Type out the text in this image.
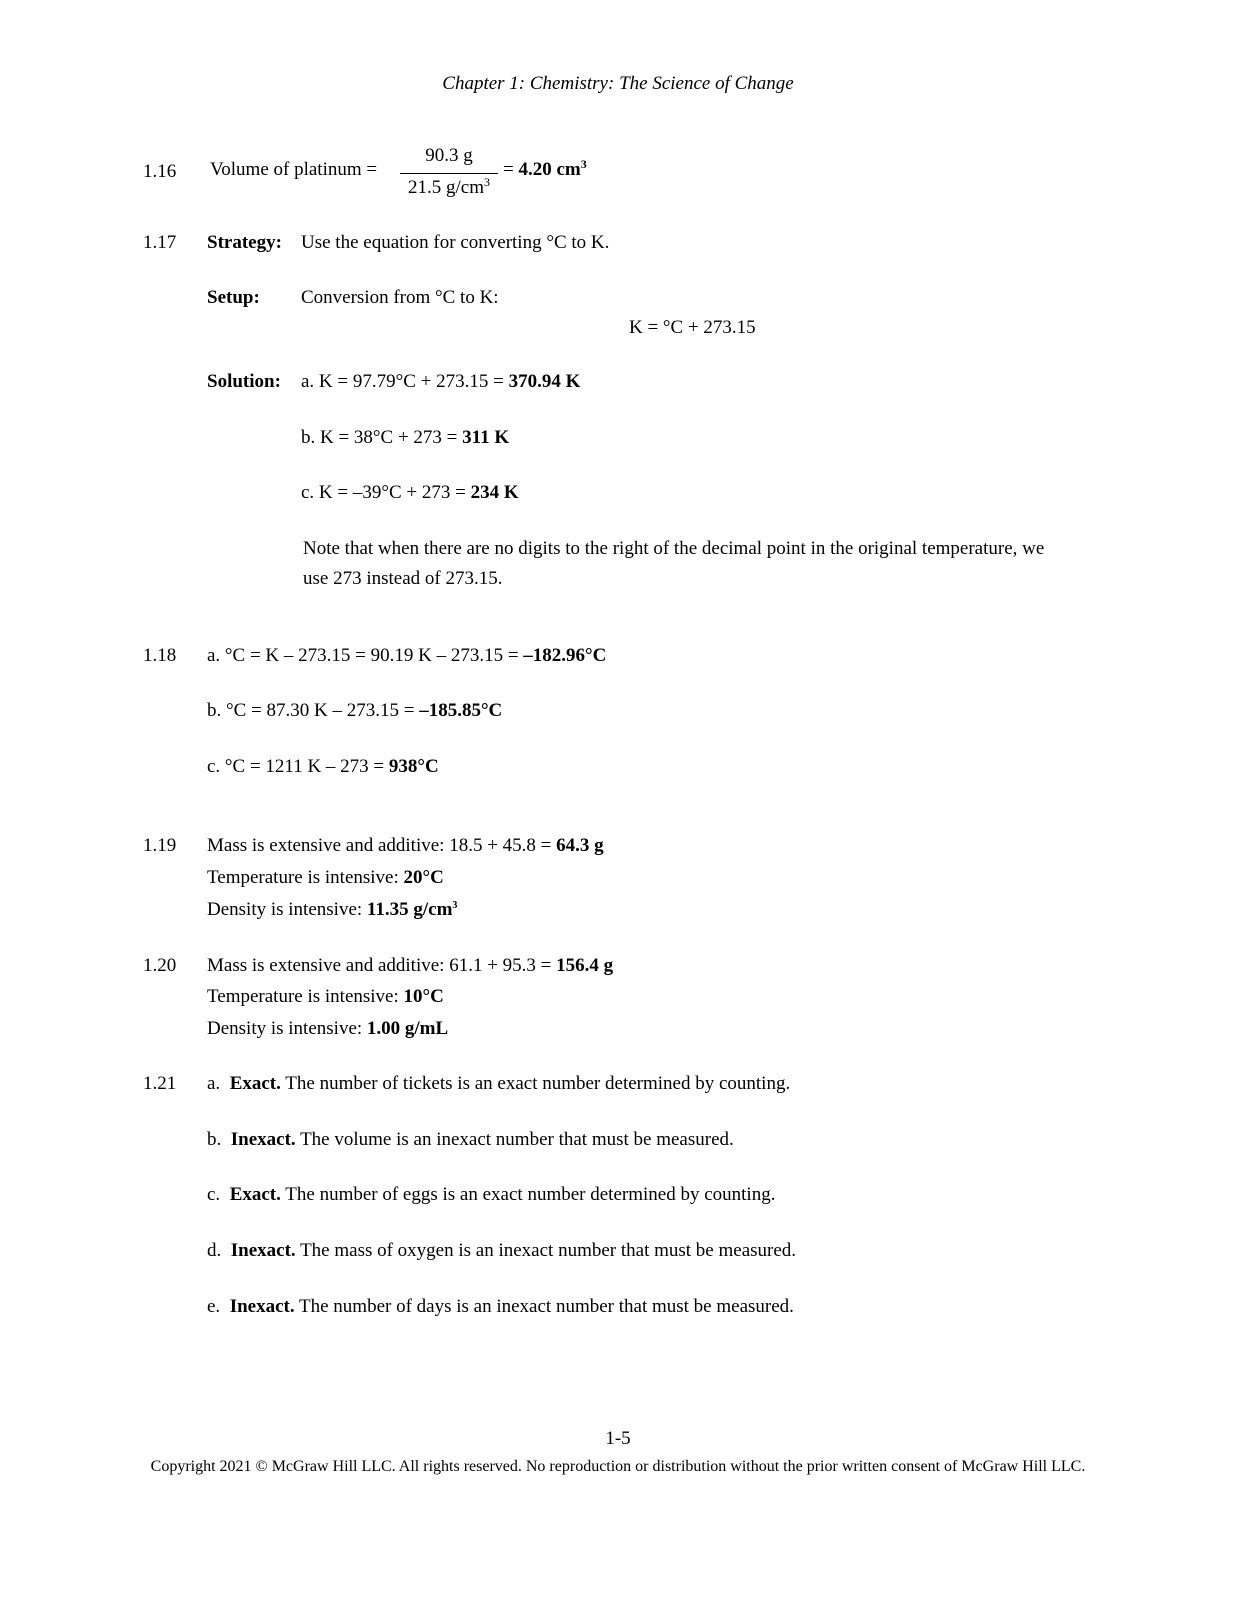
Chapter 1: Chemistry: The Science of Change
1.16 Volume of platinum =
90.3 g
21.5 $g/cm^3$
= 4.20 $cm^3$
1.17 Strategy: Use the equation for converting °C to K.
Setup: Conversion from °C to K:
K = °C + 273.15
Solution: a. K = 97.79°C + 273.15 = 370.94 K
b. K = 38°C + 273 = 311 K
c. K = –39°C + 273 = 234 K
Note that when there are no digits to the right of the decimal point in the original temperature, we use 273 instead of 273.15.
1.18 a. °C = K – 273.15 = 90.19 K – 273.15 = –182.96°C
b. °C = 87.30 K – 273.15 = –185.85°C
c. °C = 1211 K – 273 = 938°C
1.19 Mass is extensive and additive: 18.5 + 45.8 = 64.3 g
Temperature is intensive: 20°C
Density is intensive: 11.35 $g/cm^3$
1.20 Mass is extensive and additive: 61.1 + 95.3 = 156.4 g
Temperature is intensive: 10°C
Density is intensive: 1.00 g/mL
1.21 a. Exact. The number of tickets is an exact number determined by counting.
b. Inexact. The volume is an inexact number that must be measured.
c. Exact. The number of eggs is an exact number determined by counting.
d. Inexact. The mass of oxygen is an inexact number that must be measured.
e. Inexact. The number of days is an inexact number that must be measured.
1-5
Copyright 2021 © McGraw Hill LLC. All rights reserved. No reproduction or distribution without the prior written consent of McGraw Hill LLC.
